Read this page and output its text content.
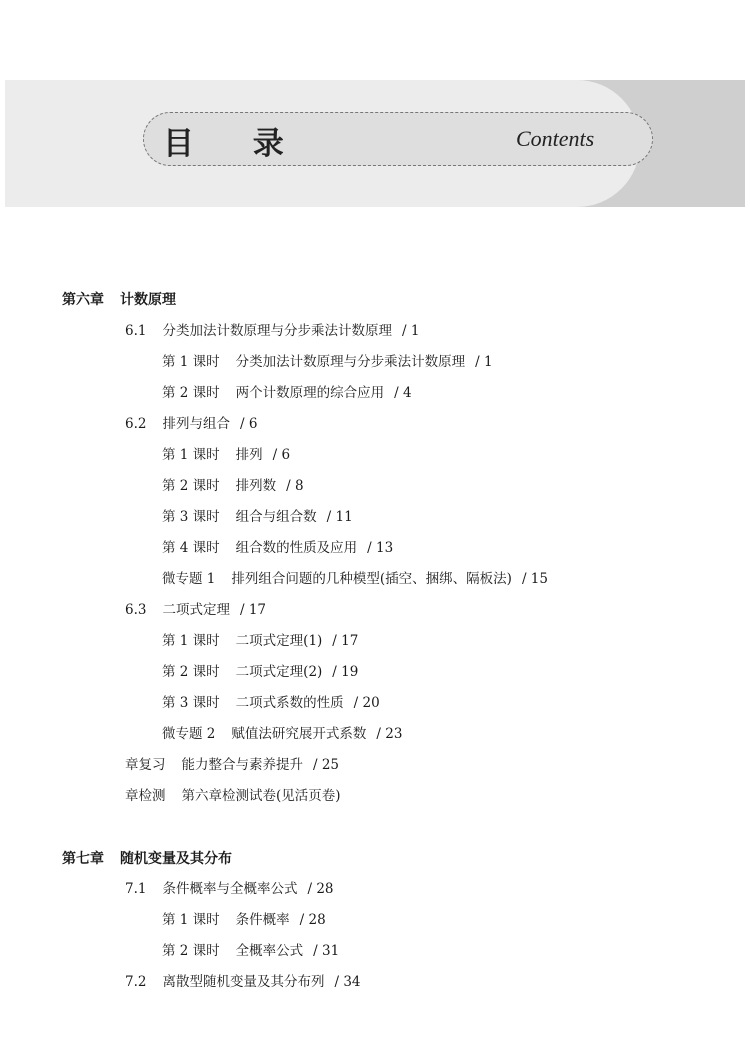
目 录	Contents
第六章 计数原理
6.1 分类加法计数原理与分步乘法计数原理 / 1
第 1 课时 分类加法计数原理与分步乘法计数原理 / 1
第 2 课时 两个计数原理的综合应用 / 4
6.2 排列与组合 / 6
第 1 课时 排列 / 6
第 2 课时 排列数 / 8
第 3 课时 组合与组合数 / 11
第 4 课时 组合数的性质及应用 / 13
微专题 1 排列组合问题的几种模型(插空、捆绑、隔板法) / 15
6.3 二项式定理 / 17
第 1 课时 二项式定理(1) / 17
第 2 课时 二项式定理(2) / 19
第 3 课时 二项式系数的性质 / 20
微专题 2 赋值法研究展开式系数 / 23
章复习 能力整合与素养提升 / 25
章检测 第六章检测试卷(见活页卷)
第七章 随机变量及其分布
7.1 条件概率与全概率公式 / 28
第 1 课时 条件概率 / 28
第 2 课时 全概率公式 / 31
7.2 离散型随机变量及其分布列 / 34
